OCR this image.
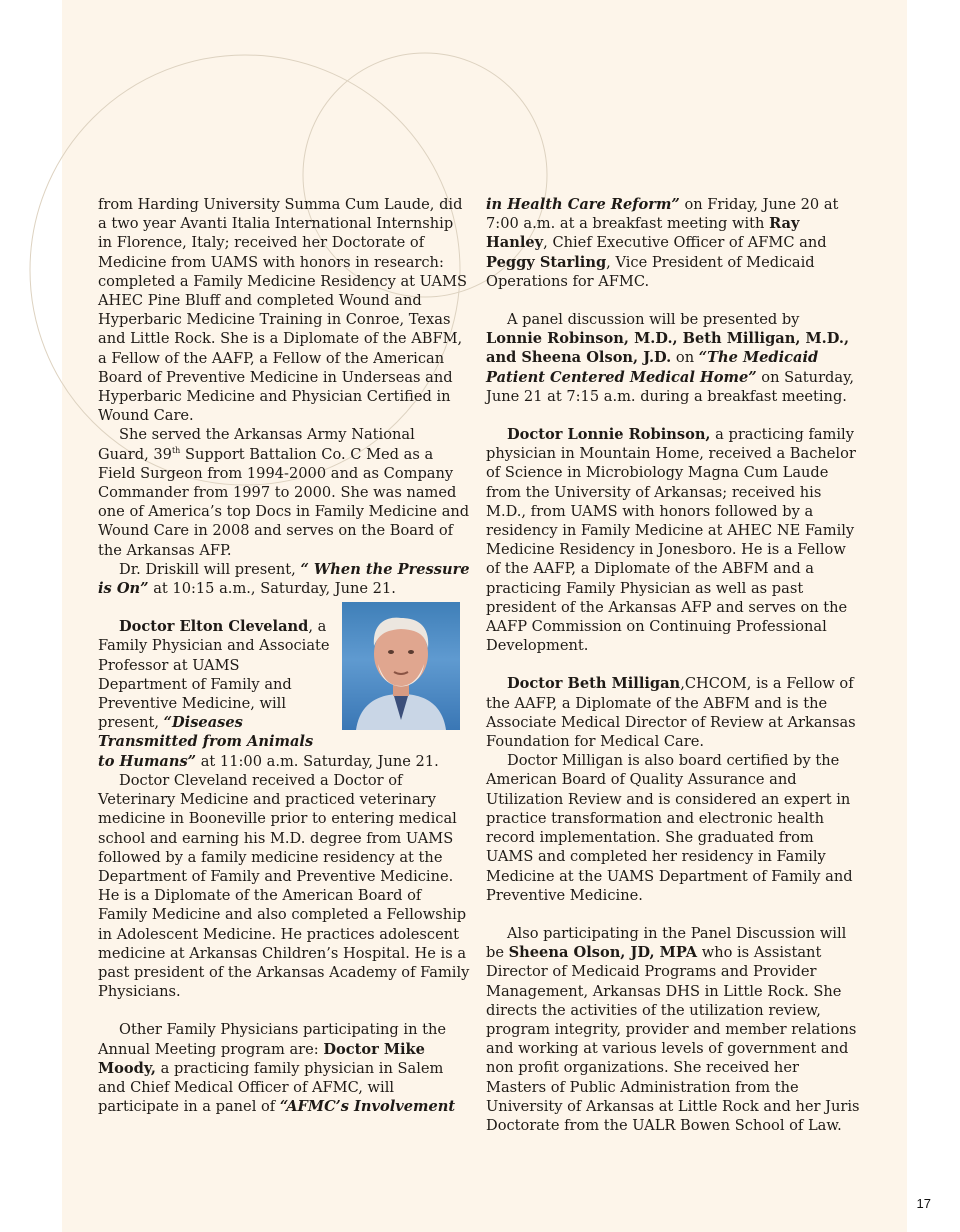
from Harding University Summa Cum Laude, did a two year Avanti Italia International Internship in Florence, Italy; received her Doctorate of Medicine from UAMS with honors in research: completed a Family Medicine Residency at UAMS AHEC Pine Bluff and completed Wound and Hyperbaric Medicine Training in Conroe, Texas and Little Rock. She is a Diplomate of the ABFM, a Fellow of the AAFP, a Fellow of the American Board of Preventive Medicine in Underseas and Hyperbaric Medicine and Physician Certified in Wound Care.

She served the Arkansas Army National Guard, 39th Support Battalion Co. C Med as a Field Surgeon from 1994-2000 and as Company Commander from 1997 to 2000. She was named one of America’s top Docs in Family Medicine and Wound Care in 2008 and serves on the Board of the Arkansas AFP.

Dr. Driskill will present, “ When the Pressure is On” at 10:15 a.m., Saturday, June 21.

Doctor Elton Cleveland, a Family Physician and Associate Professor at UAMS Department of Family and Preventive Medicine, will present, “Diseases Transmitted from Animals to Humans” at 11:00 a.m. Saturday, June 21.

Doctor Cleveland received a Doctor of Veterinary Medicine and practiced veterinary medicine in Booneville prior to entering medical school and earning his M.D. degree from UAMS followed by a family medicine residency at the Department of Family and Preventive Medicine. He is a Diplomate of the American Board of Family Medicine and also completed a Fellowship in Adolescent Medicine. He practices adolescent medicine at Arkansas Children’s Hospital. He is a past president of the Arkansas Academy of Family Physicians.

Other Family Physicians participating in the Annual Meeting program are: Doctor Mike Moody, a practicing family physician in Salem and Chief Medical Officer of AFMC, will participate in a panel of “AFMC’s Involvement

in Health Care Reform” on Friday, June 20 at 7:00 a.m. at a breakfast meeting with Ray Hanley, Chief Executive Officer of AFMC and Peggy Starling, Vice President of Medicaid Operations for AFMC.

A panel discussion will be presented by Lonnie Robinson, M.D., Beth Milligan, M.D., and Sheena Olson, J.D. on “The Medicaid Patient Centered Medical Home” on Saturday, June 21 at 7:15 a.m. during a breakfast meeting.

Doctor Lonnie Robinson, a practicing family physician in Mountain Home, received a Bachelor of Science in Microbiology Magna Cum Laude from the University of Arkansas; received his M.D., from UAMS with honors followed by a residency in Family Medicine at AHEC NE Family Medicine Residency in Jonesboro. He is a Fellow of the AAFP, a Diplomate of the ABFM and a practicing Family Physician as well as past president of the Arkansas AFP and serves on the AAFP Commission on Continuing Professional Development.

Doctor Beth Milligan,CHCOM, is a Fellow of the AAFP, a Diplomate of the ABFM and is the Associate Medical Director of Review at Arkansas Foundation for Medical Care.

Doctor Milligan is also board certified by the American Board of Quality Assurance and Utilization Review and is considered an expert in practice transformation and electronic health record implementation. She graduated from UAMS and completed her residency in Family Medicine at the UAMS Department of Family and Preventive Medicine.

Also participating in the Panel Discussion will be Sheena Olson, JD, MPA who is Assistant Director of Medicaid Programs and Provider Management, Arkansas DHS in Little Rock. She directs the activities of the utilization review, program integrity, provider and member relations and working at various levels of government and non profit organizations. She received her Masters of Public Administration from the University of Arkansas at Little Rock and her Juris Doctorate from the UALR Bowen School of Law.

17
